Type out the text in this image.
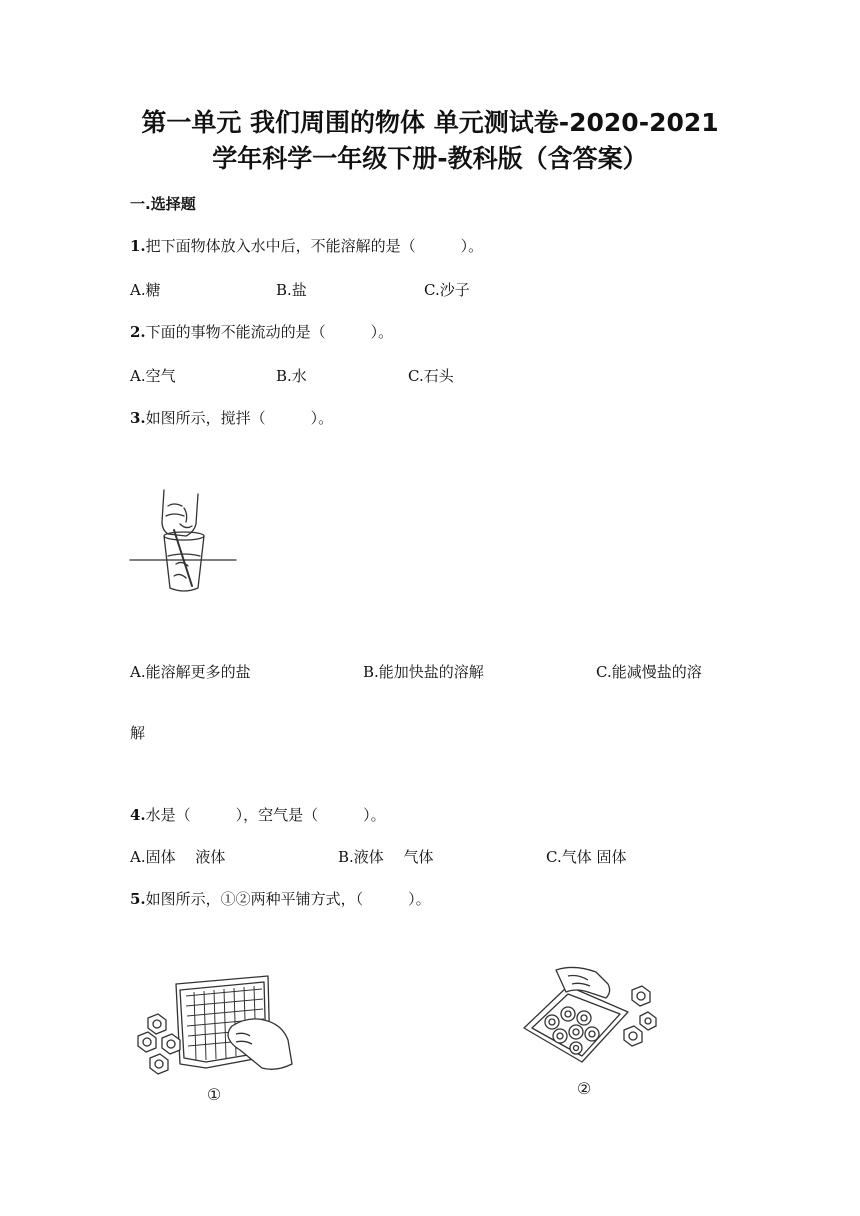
第一单元 我们周围的物体 单元测试卷-2020-2021
学年科学一年级下册-教科版（含答案）
一.选择题
1.把下面物体放入水中后，不能溶解的是（　　　）。
A.糖	B.盐	C.沙子
2.下面的事物不能流动的是（　　　）。
A.空气	B.水	C.石头
3.如图所示，搅拌（　　　）。
A.能溶解更多的盐	B.能加快盐的溶解	C.能减慢盐的溶
解
4.水是（　　　），空气是（　　　）。
A.固体　 液体	B.液体　 气体	C.气体 固体
5.如图所示，①②两种平铺方式，（　　　）。
①	②
